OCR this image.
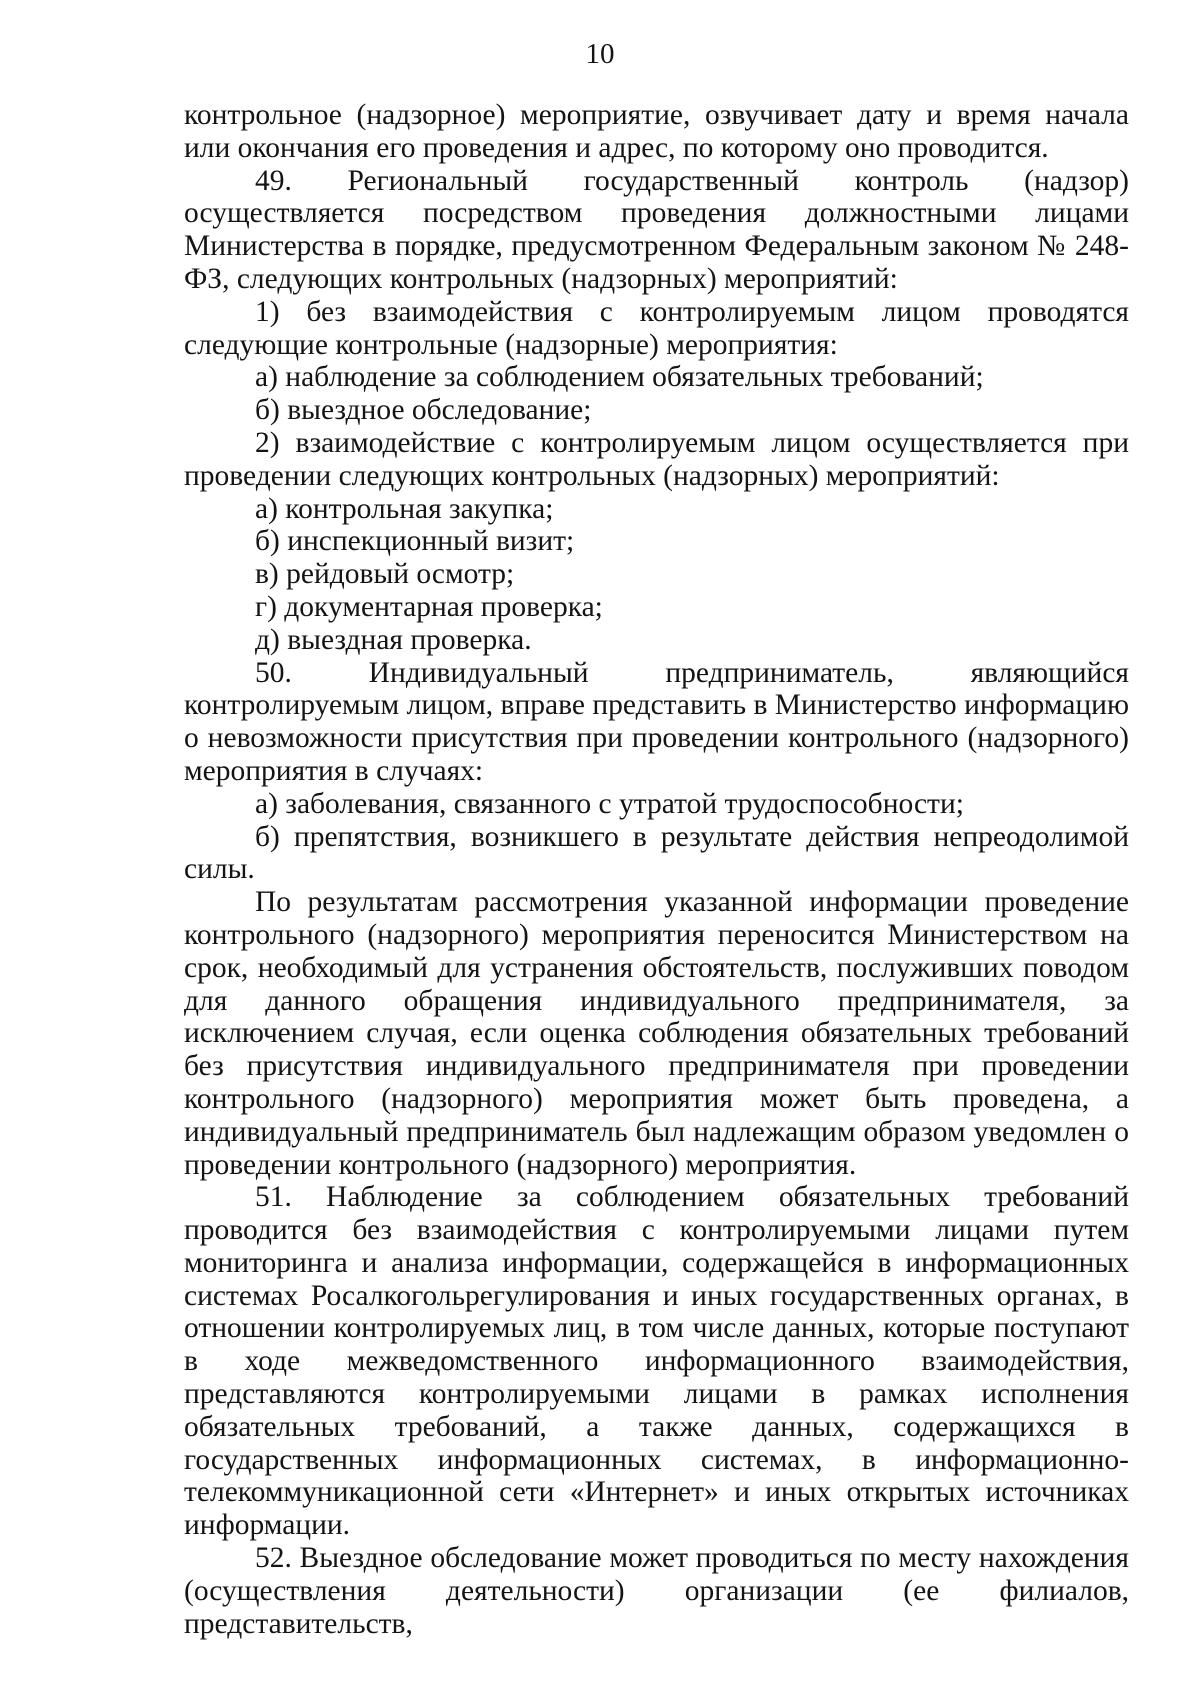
10

контрольное (надзорное) мероприятие, озвучивает дату и время начала или окончания его проведения и адрес, по которому оно проводится.

49. Региональный государственный контроль (надзор) осуществляется посредством проведения должностными лицами Министерства в порядке, предусмотренном Федеральным законом № 248-ФЗ, следующих контрольных (надзорных) мероприятий:

1) без взаимодействия с контролируемым лицом проводятся следующие контрольные (надзорные) мероприятия:

а) наблюдение за соблюдением обязательных требований;

б) выездное обследование;

2) взаимодействие с контролируемым лицом осуществляется при проведении следующих контрольных (надзорных) мероприятий:

а) контрольная закупка;

б) инспекционный визит;

в) рейдовый осмотр;

г) документарная проверка;

д) выездная проверка.

50. Индивидуальный предприниматель, являющийся контролируемым лицом, вправе представить в Министерство информацию о невозможности присутствия при проведении контрольного (надзорного) мероприятия в случаях:

а) заболевания, связанного с утратой трудоспособности;

б) препятствия, возникшего в результате действия непреодолимой силы.

По результатам рассмотрения указанной информации проведение контрольного (надзорного) мероприятия переносится Министерством на срок, необходимый для устранения обстоятельств, послуживших поводом для данного обращения индивидуального предпринимателя, за исключением случая, если оценка соблюдения обязательных требований без присутствия индивидуального предпринимателя при проведении контрольного (надзорного) мероприятия может быть проведена, а индивидуальный предприниматель был надлежащим образом уведомлен о проведении контрольного (надзорного) мероприятия.

51. Наблюдение за соблюдением обязательных требований проводится без взаимодействия с контролируемыми лицами путем мониторинга и анализа информации, содержащейся в информационных системах Росалкогольрегулирования и иных государственных органах, в отношении контролируемых лиц, в том числе данных, которые поступают в ходе межведомственного информационного взаимодействия, представляются контролируемыми лицами в рамках исполнения обязательных требований, а также данных, содержащихся в государственных информационных системах, в информационно-телекоммуникационной сети «Интернет» и иных открытых источниках информации.

52. Выездное обследование может проводиться по месту нахождения (осуществления деятельности) организации (ее филиалов, представительств,
